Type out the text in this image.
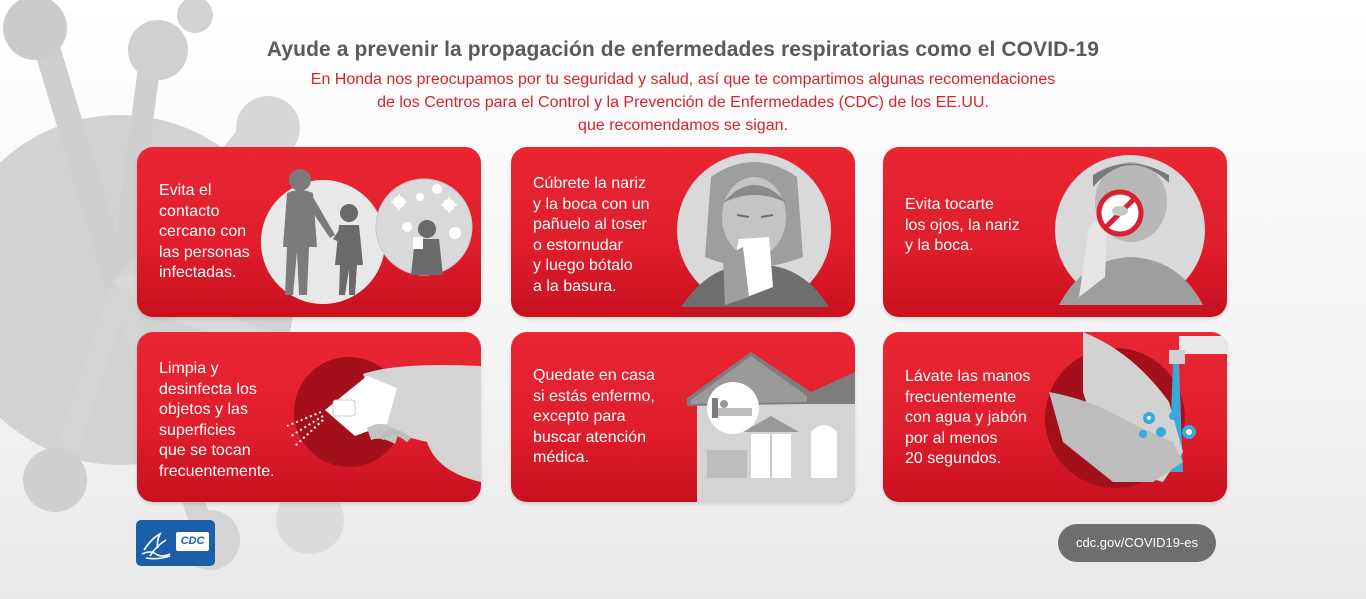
Ayude a prevenir la propagación de enfermedades respiratorias como el COVID-19

En Honda nos preocupamos por tu seguridad y salud, así que te compartimos algunas recomendaciones
de los Centros para el Control y la Prevención de Enfermedades (CDC) de los EE.UU.
que recomendamos se sigan.

Evita el
contacto
cercano con
las personas
infectadas.

Cúbrete la nariz
y la boca con un
pañuelo al toser
o estornudar
y luego bótalo
a la basura.

Evita tocarte
los ojos, la nariz
y la boca.

Limpia y
desinfecta los
objetos y las
superficies
que se tocan
frecuentemente.

Quedate en casa
si estás enfermo,
excepto para
buscar atención
médica.

Lávate las manos
frecuentemente
con agua y jabón
por al menos
20 segundos.

CDC	cdc.gov/COVID19-es
